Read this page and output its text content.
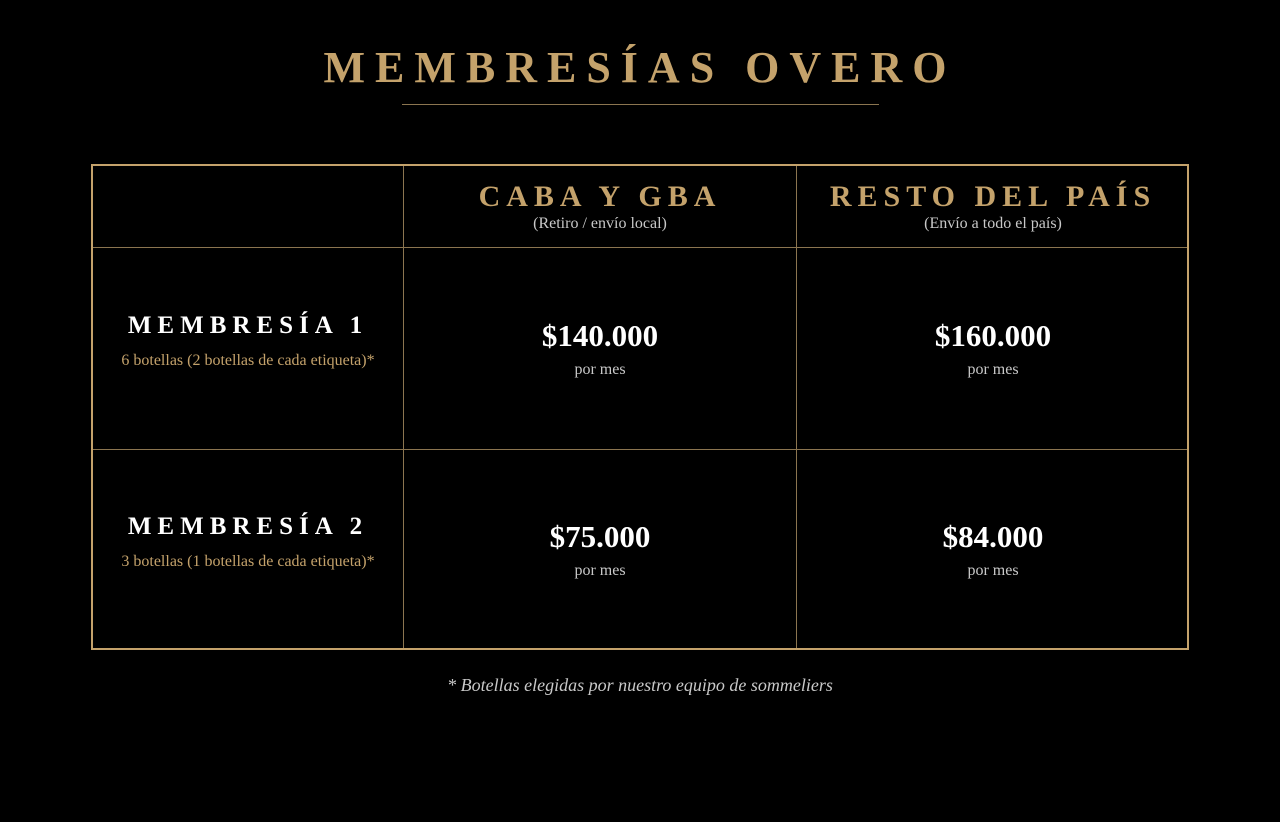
MEMBRESÍAS OVERO
CABA Y GBA
(Retiro / envío local)
RESTO DEL PAÍS
(Envío a todo el país)
MEMBRESÍA 1
6 botellas (2 botellas de cada etiqueta)*
$140.000
por mes
$160.000
por mes
MEMBRESÍA 2
3 botellas (1 botellas de cada etiqueta)*
$75.000
por mes
$84.000
por mes
* Botellas elegidas por nuestro equipo de sommeliers
